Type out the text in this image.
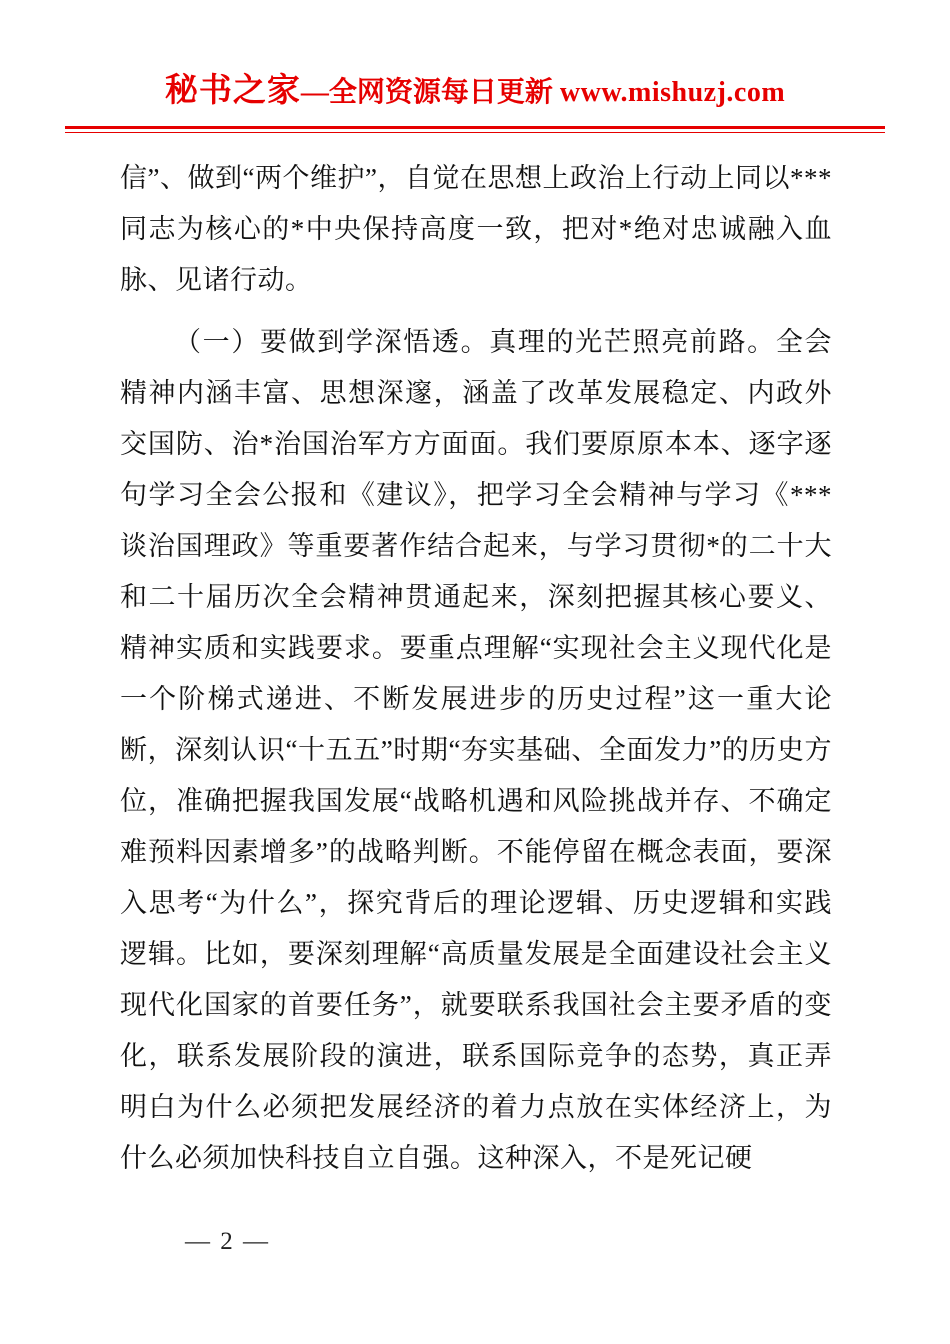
秘书之家—全网资源每日更新 www.mishuzj.com

信”、做到“两个维护”，自觉在思想上政治上行动上同以***同志为核心的*中央保持高度一致，把对*绝对忠诚融入血脉、见诸行动。

（一）要做到学深悟透。真理的光芒照亮前路。全会精神内涵丰富、思想深邃，涵盖了改革发展稳定、内政外交国防、治*治国治军方方面面。我们要原原本本、逐字逐句学习全会公报和《建议》，把学习全会精神与学习《***谈治国理政》等重要著作结合起来，与学习贯彻*的二十大和二十届历次全会精神贯通起来，深刻把握其核心要义、精神实质和实践要求。要重点理解“实现社会主义现代化是一个阶梯式递进、不断发展进步的历史过程”这一重大论断，深刻认识“十五五”时期“夯实基础、全面发力”的历史方位，准确把握我国发展“战略机遇和风险挑战并存、不确定难预料因素增多”的战略判断。不能停留在概念表面，要深入思考“为什么”，探究背后的理论逻辑、历史逻辑和实践逻辑。比如，要深刻理解“高质量发展是全面建设社会主义现代化国家的首要任务”，就要联系我国社会主要矛盾的变化，联系发展阶段的演进，联系国际竞争的态势，真正弄明白为什么必须把发展经济的着力点放在实体经济上，为什么必须加快科技自立自强。这种深入，不是死记硬

— 2 —
